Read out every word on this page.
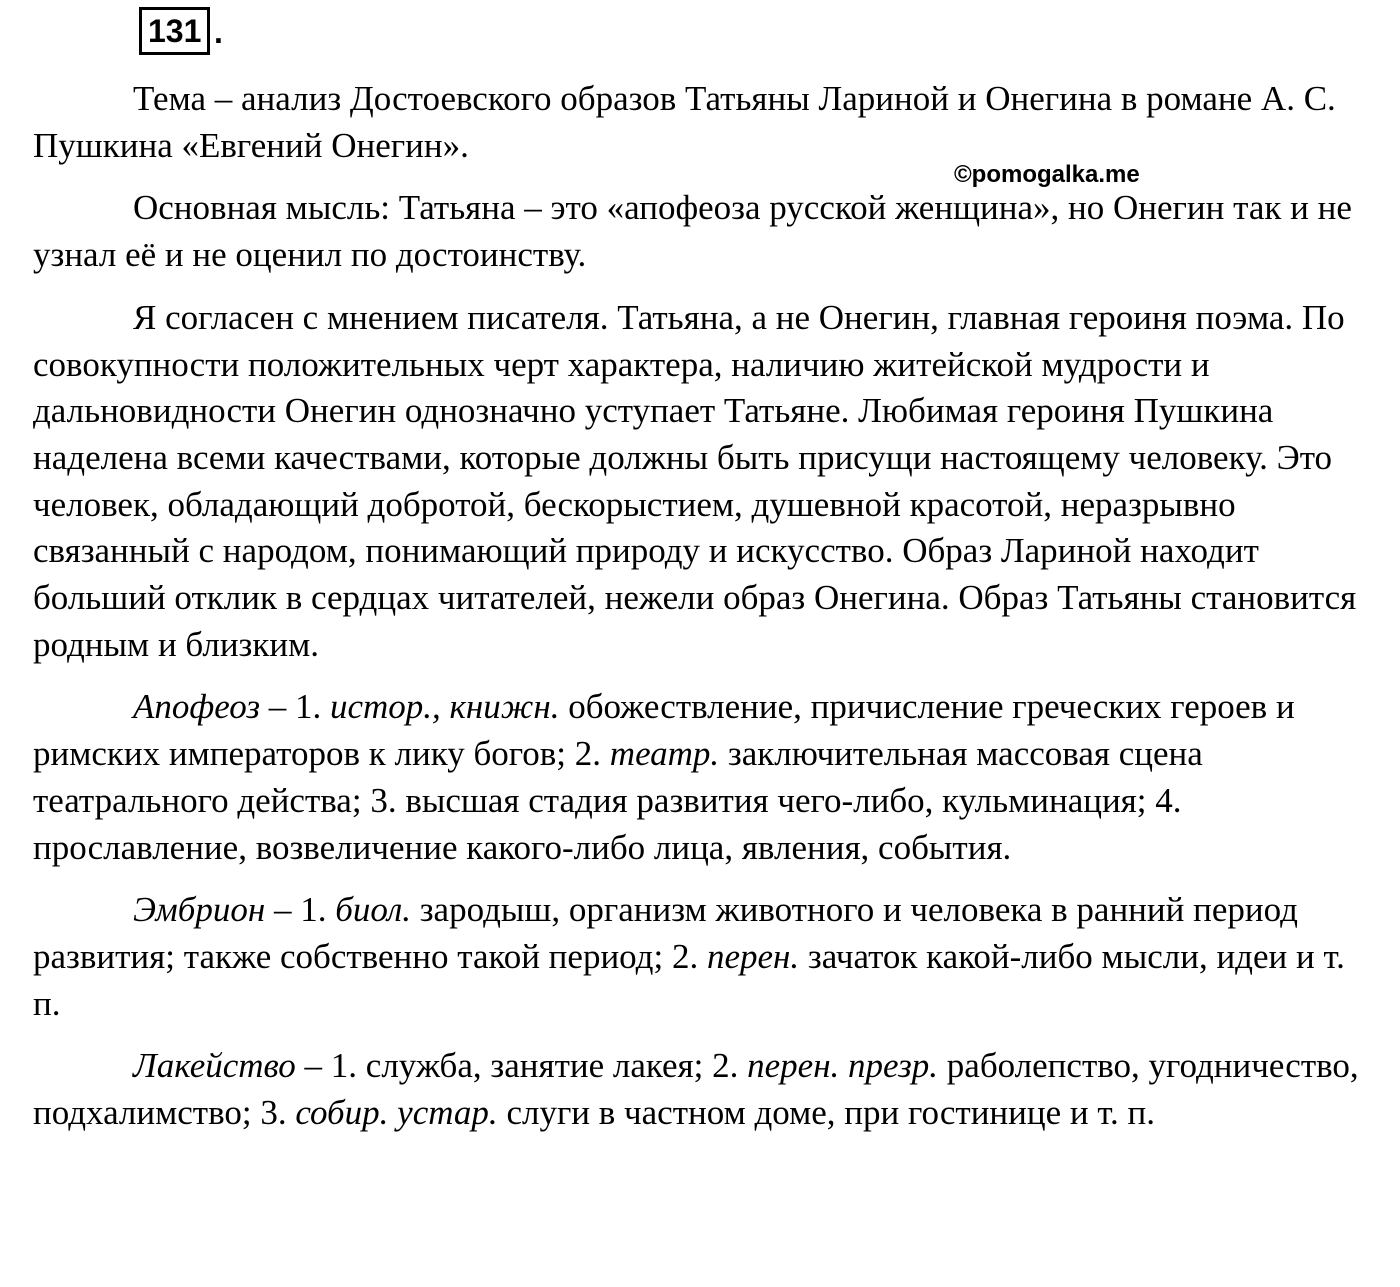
131 .
©pomogalka.me

Тема – анализ Достоевского образов Татьяны Лариной и Онегина в романе А. С. Пушкина «Евгений Онегин».

Основная мысль: Татьяна – это «апофеоза русской женщина», но Онегин так и не узнал её и не оценил по достоинству.

Я согласен с мнением писателя. Татьяна, а не Онегин, главная героиня поэма. По совокупности положительных черт характера, наличию житейской мудрости и дальновидности Онегин однозначно уступает Татьяне. Любимая героиня Пушкина наделена всеми качествами, которые должны быть присущи настоящему человеку. Это человек, обладающий добротой, бескорыстием, душевной красотой, неразрывно связанный с народом, понимающий природу и искусство. Образ Лариной находит больший отклик в сердцах читателей, нежели образ Онегина. Образ Татьяны становится родным и близким.

Апофеоз – 1. истор., книжн. обожествление, причисление греческих героев и римских императоров к лику богов; 2. театр. заключительная массовая сцена театрального действа; 3. высшая стадия развития чего-либо, кульминация; 4. прославление, возвеличение какого-либо лица, явления, события.

Эмбрион – 1. биол. зародыш, организм животного и человека в ранний период развития; также собственно такой период; 2. перен. зачаток какой-либо мысли, идеи и т. п.

Лакейство – 1. служба, занятие лакея; 2. перен. презр. раболепство, угодничество, подхалимство; 3. собир. устар. слуги в частном доме, при гостинице и т. п.
